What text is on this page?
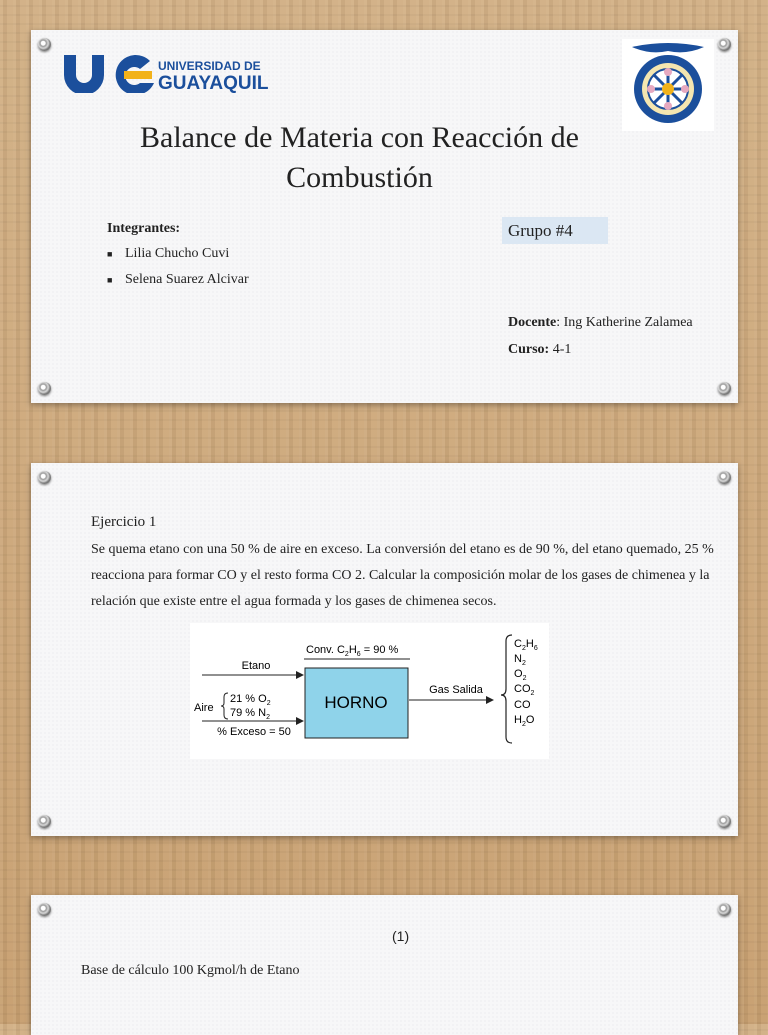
UNIVERSIDAD DE
GUAYAQUIL
Balance de Materia con Reacción de Combustión
Integrantes:
■ Lilia Chucho Cuvi
■ Selena Suarez Alcivar
Grupo #4
Docente: Ing Katherine Zalamea
Curso: 4-1
Ejercicio 1
Se quema etano con una 50 % de aire en exceso. La conversión del etano es de 90 %, del etano quemado, 25 % reacciona para formar CO y el resto forma CO 2. Calcular la composición molar de los gases de chimenea y la relación que existe entre el agua formada y los gases de chimenea secos.
HORNO
Conv. $C_2H_6 = 90$ %
Etano
Aire
21 % $O_2$
79 % $N_2$
% Exceso = 50
Gas Salida
$C_2H_6$
$N_2$
$O_2$
$CO_2$
CO
$H_2O$
(1)
Base de cálculo 100 Kgmol/h de Etano
